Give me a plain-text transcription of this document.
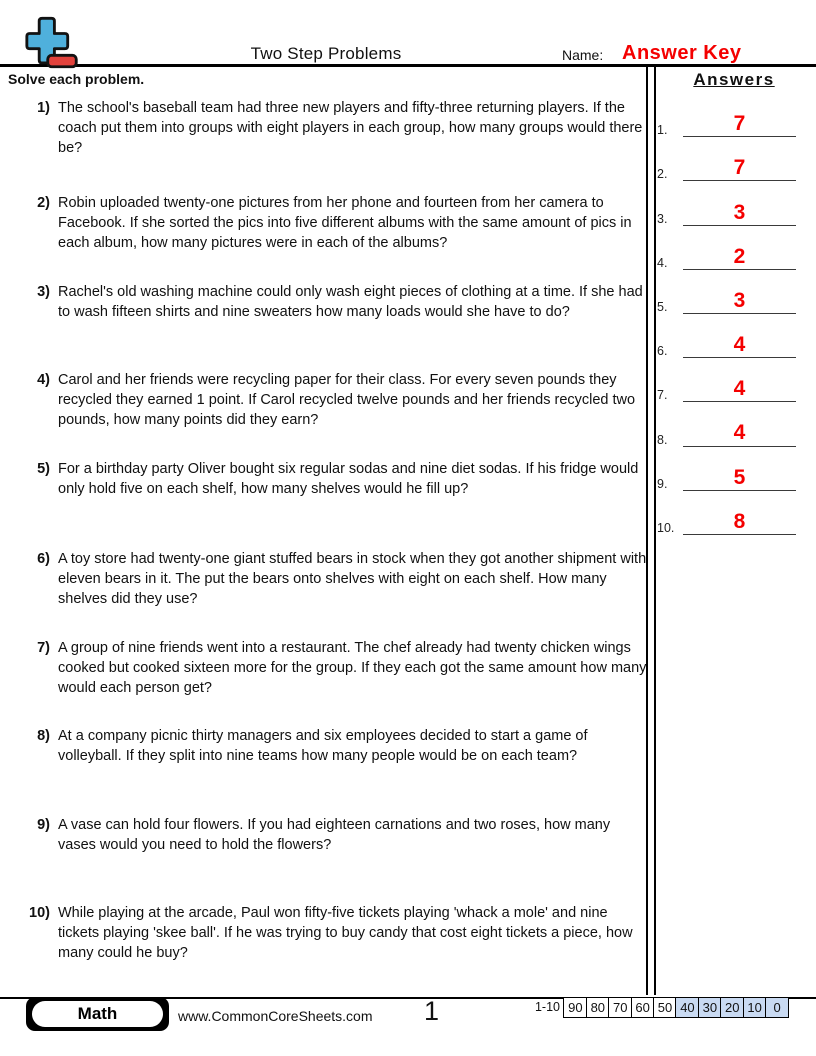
Two Step Problems	Name: Answer Key
Solve each problem.
1) The school's baseball team had three new players and fifty-three returning players. If the coach put them into groups with eight players in each group, how many groups would there be?
2) Robin uploaded twenty-one pictures from her phone and fourteen from her camera to Facebook. If she sorted the pics into five different albums with the same amount of pics in each album, how many pictures were in each of the albums?
3) Rachel's old washing machine could only wash eight pieces of clothing at a time. If she had to wash fifteen shirts and nine sweaters how many loads would she have to do?
4) Carol and her friends were recycling paper for their class. For every seven pounds they recycled they earned 1 point. If Carol recycled twelve pounds and her friends recycled two pounds, how many points did they earn?
5) For a birthday party Oliver bought six regular sodas and nine diet sodas. If his fridge would only hold five on each shelf, how many shelves would he fill up?
6) A toy store had twenty-one giant stuffed bears in stock when they got another shipment with eleven bears in it. The put the bears onto shelves with eight on each shelf. How many shelves did they use?
7) A group of nine friends went into a restaurant. The chef already had twenty chicken wings cooked but cooked sixteen more for the group. If they each got the same amount how many would each person get?
8) At a company picnic thirty managers and six employees decided to start a game of volleyball. If they split into nine teams how many people would be on each team?
9) A vase can hold four flowers. If you had eighteen carnations and two roses, how many vases would you need to hold the flowers?
10) While playing at the arcade, Paul won fifty-five tickets playing 'whack a mole' and nine tickets playing 'skee ball'. If he was trying to buy candy that cost eight tickets a piece, how many could he buy?
Answers
1.	7
2.	7
3.	3
4.	2
5.	3
6.	4
7.	4
8.	4
9.	5
10.	8
Math	www.CommonCoreSheets.com 1	1-10 90 80 70 60 50 40 30 20 10 0
